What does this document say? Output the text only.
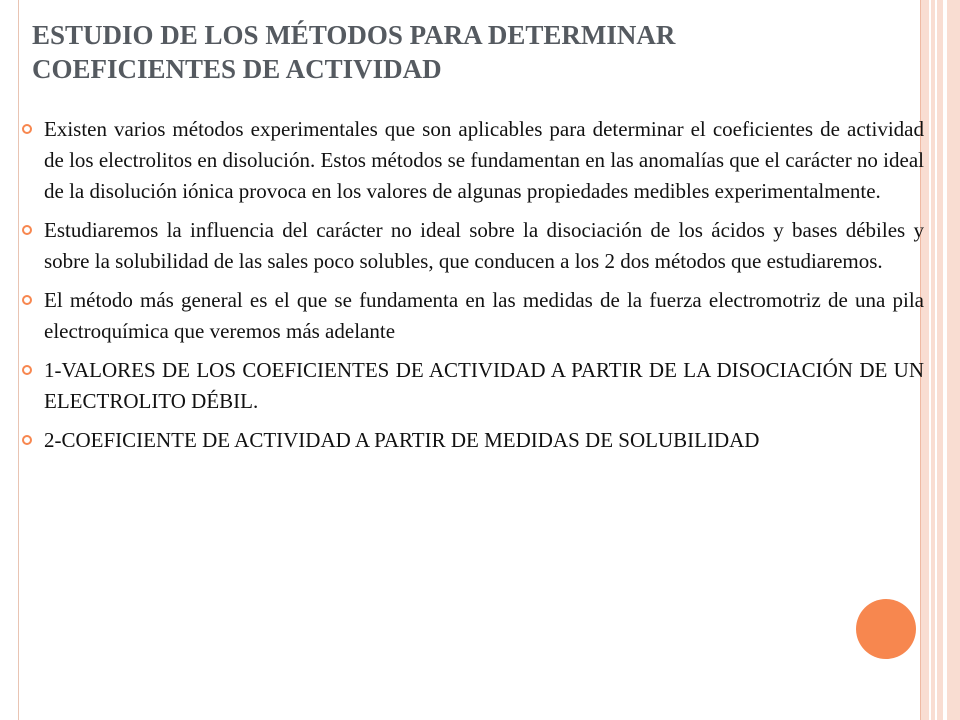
ESTUDIO DE LOS MÉTODOS PARA DETERMINAR
COEFICIENTES DE ACTIVIDAD
Existen varios métodos experimentales que son aplicables para determinar el coeficientes de actividad de los electrolitos en disolución. Estos métodos se fundamentan en las anomalías que el carácter no ideal de la disolución iónica provoca en los valores de algunas propiedades medibles experimentalmente.
Estudiaremos la influencia del carácter no ideal sobre la disociación de los ácidos y bases débiles y sobre la solubilidad de las sales poco solubles, que conducen a los 2 dos métodos que estudiaremos.
El método más general es el que se fundamenta en las medidas de la fuerza electromotriz de una pila electroquímica que veremos más adelante
1-VALORES DE LOS COEFICIENTES DE ACTIVIDAD A PARTIR DE LA DISOCIACIÓN DE UN ELECTROLITO DÉBIL.
2-COEFICIENTE DE ACTIVIDAD A PARTIR DE MEDIDAS DE SOLUBILIDAD
